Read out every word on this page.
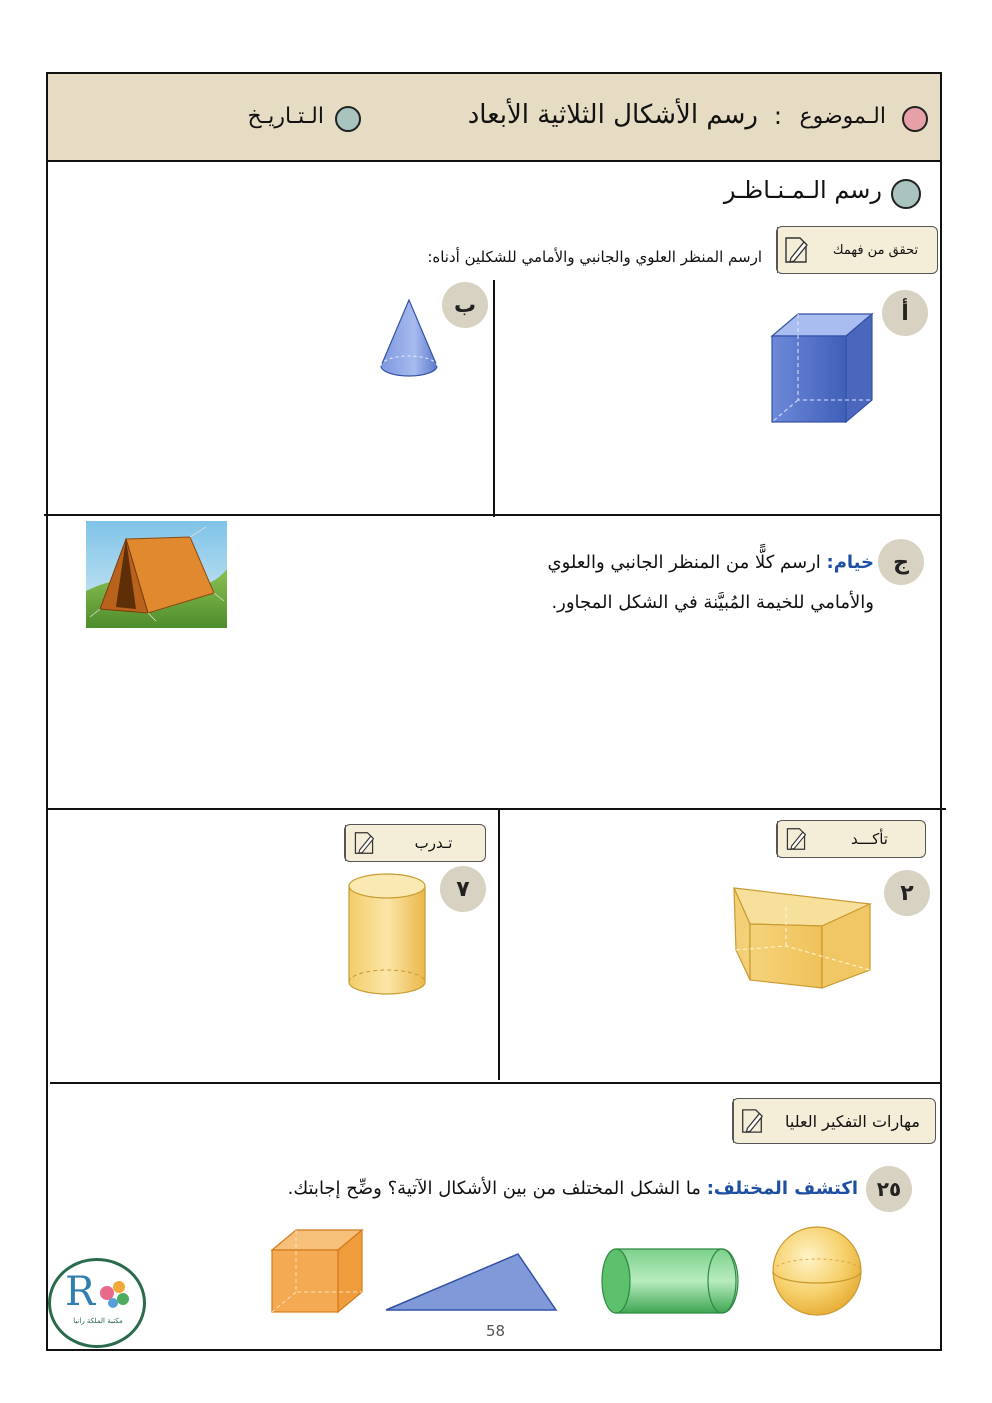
الـموضوع
:
رسم الأشكال الثلاثية الأبعاد
الـتـاريـخ
رسم الـمـنـاظـر
تحقق من فهمك
ارسم المنظر العلوي والجانبي والأمامي للشكلين أدناه:
أ
ب
ج
خيام: ارسم كلًّا من المنظر الجانبي والعلوي
والأمامي للخيمة المُبيَّنة في الشكل المجاور.
تأكـــد
٢
تـدرب
٧
مهارات التفكير العليا
٢٥
اكتشف المختلف: ما الشكل المختلف من بين الأشكال الآتية؟ وضِّح إجابتك.
R
مكتبة الملكة رانيا
58
